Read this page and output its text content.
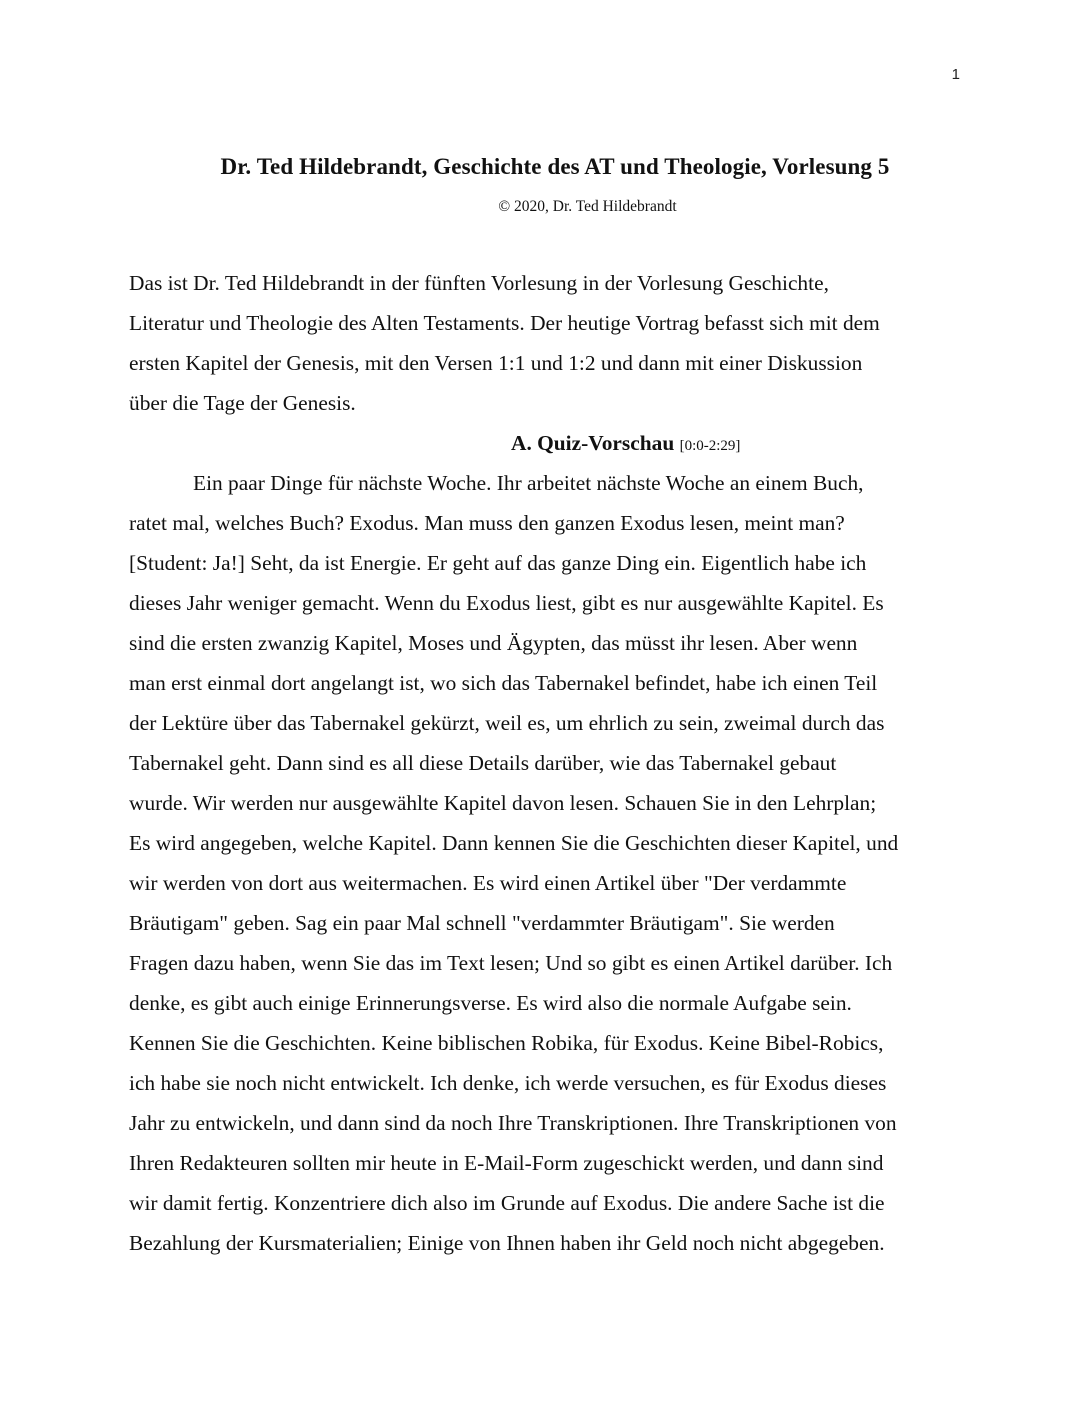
1
Dr. Ted Hildebrandt, Geschichte des AT und Theologie, Vorlesung 5
© 2020, Dr. Ted Hildebrandt
Das ist Dr. Ted Hildebrandt in der fünften Vorlesung in der Vorlesung Geschichte,
Literatur und Theologie des Alten Testaments. Der heutige Vortrag befasst sich mit dem
ersten Kapitel der Genesis, mit den Versen 1:1 und 1:2 und dann mit einer Diskussion
über die Tage der Genesis.
A. Quiz-Vorschau [0:0-2:29]
Ein paar Dinge für nächste Woche. Ihr arbeitet nächste Woche an einem Buch,
ratet mal, welches Buch? Exodus. Man muss den ganzen Exodus lesen, meint man?
[Student: Ja!] Seht, da ist Energie. Er geht auf das ganze Ding ein. Eigentlich habe ich
dieses Jahr weniger gemacht. Wenn du Exodus liest, gibt es nur ausgewählte Kapitel. Es
sind die ersten zwanzig Kapitel, Moses und Ägypten, das müsst ihr lesen. Aber wenn
man erst einmal dort angelangt ist, wo sich das Tabernakel befindet, habe ich einen Teil
der Lektüre über das Tabernakel gekürzt, weil es, um ehrlich zu sein, zweimal durch das
Tabernakel geht. Dann sind es all diese Details darüber, wie das Tabernakel gebaut
wurde. Wir werden nur ausgewählte Kapitel davon lesen. Schauen Sie in den Lehrplan;
Es wird angegeben, welche Kapitel. Dann kennen Sie die Geschichten dieser Kapitel, und
wir werden von dort aus weitermachen. Es wird einen Artikel über "Der verdammte
Bräutigam" geben. Sag ein paar Mal schnell "verdammter Bräutigam". Sie werden
Fragen dazu haben, wenn Sie das im Text lesen; Und so gibt es einen Artikel darüber. Ich
denke, es gibt auch einige Erinnerungsverse. Es wird also die normale Aufgabe sein.
Kennen Sie die Geschichten. Keine biblischen Robika, für Exodus. Keine Bibel-Robics,
ich habe sie noch nicht entwickelt. Ich denke, ich werde versuchen, es für Exodus dieses
Jahr zu entwickeln, und dann sind da noch Ihre Transkriptionen. Ihre Transkriptionen von
Ihren Redakteuren sollten mir heute in E-Mail-Form zugeschickt werden, und dann sind
wir damit fertig. Konzentriere dich also im Grunde auf Exodus. Die andere Sache ist die
Bezahlung der Kursmaterialien; Einige von Ihnen haben ihr Geld noch nicht abgegeben.
